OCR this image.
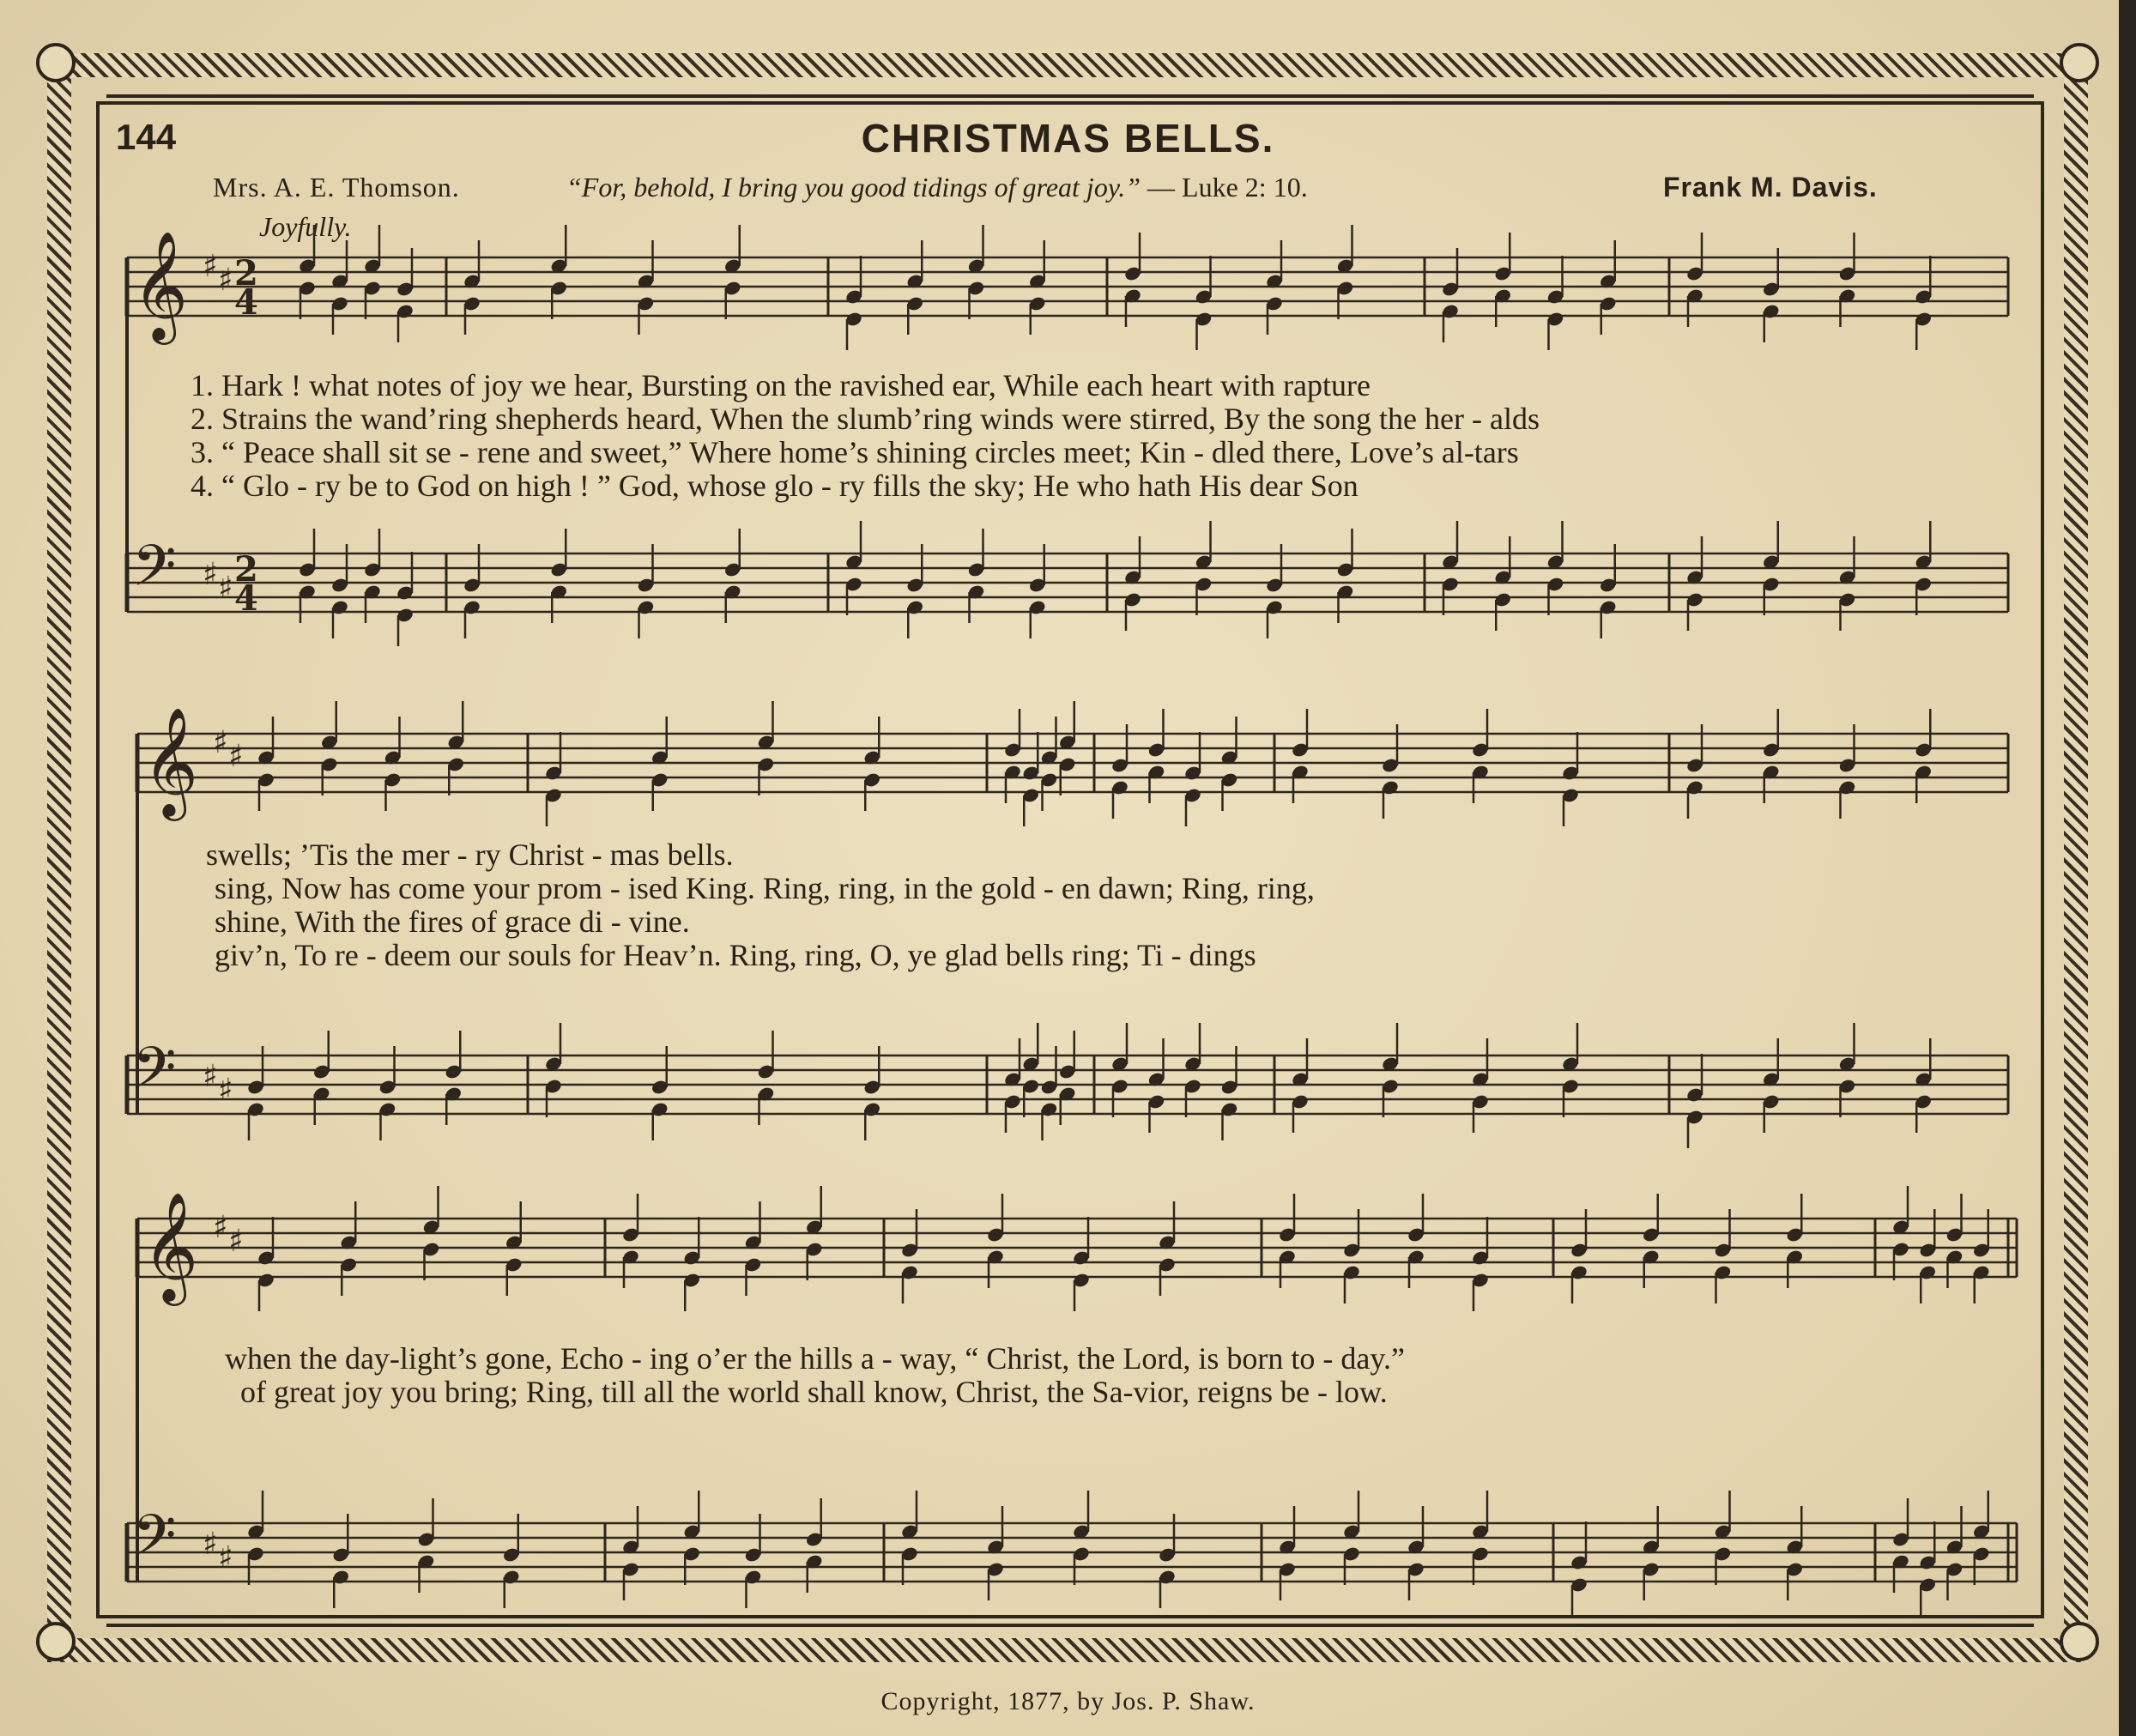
144	CHRISTMAS BELLS.
Mrs. A. E. Thomson.	“For, behold, I bring you good tidings of great joy.” — Luke 2: 10.	Frank M. Davis.
Joyfully.
𝄞 ♯ ♯ 2
4
𝄢 ♯ ♯ 2
4
𝄞 ♯ ♯
𝄢 ♯ ♯
𝄞 ♯ ♯
𝄢 ♯ ♯
1. Hark ! what notes of joy we hear, Bursting on the ravished ear, While each heart with rapture
2. Strains the wand’ring shepherds heard, When the slumb’ring winds were stirred, By the song the her - alds
3. “ Peace shall sit se - rene and sweet,” Where home’s shining circles meet; Kin - dled there, Love’s al-tars
4. “ Glo - ry be to God on high ! ” God, whose glo - ry fills the sky; He who hath His dear Son
swells; ’Tis the mer - ry Christ - mas bells.
sing, Now has come your prom - ised King. Ring, ring, in the gold - en dawn; Ring, ring,
shine, With the fires of grace di - vine.
giv’n, To re - deem our souls for Heav’n. Ring, ring, O, ye glad bells ring; Ti - dings
when the day-light’s gone, Echo - ing o’er the hills a - way, “ Christ, the Lord, is born to - day.”
of great joy you bring; Ring, till all the world shall know, Christ, the Sa-vior, reigns be - low.
Copyright, 1877, by Jos. P. Shaw.
